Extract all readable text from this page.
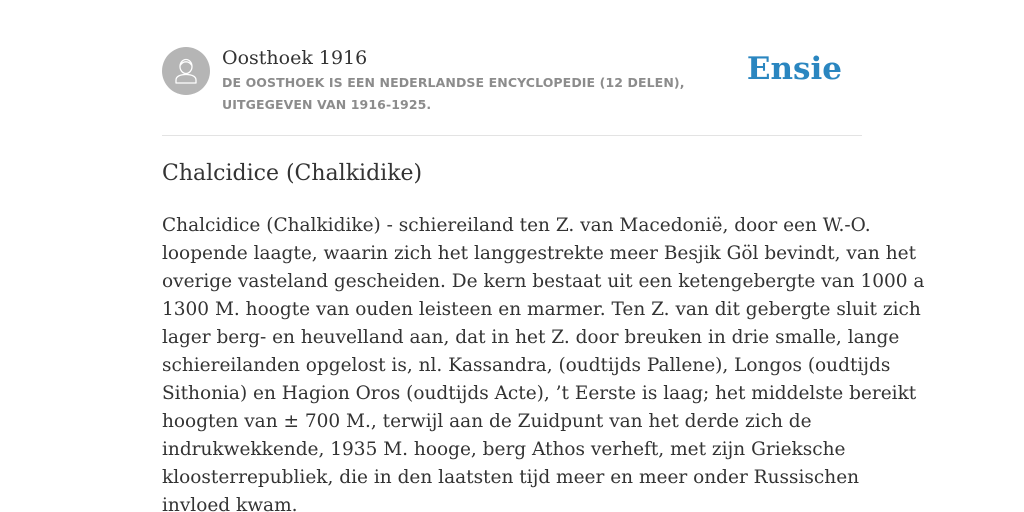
Oosthoek 1916
DE OOSTHOEK IS EEN NEDERLANDSE ENCYCLOPEDIE (12 DELEN), UITGEGEVEN VAN 1916-1925.
Ensie
Chalcidice (Chalkidike)

Chalcidice (Chalkidike) - schiereiland ten Z. van Macedonië, door een W.-O.
loopende laagte, waarin zich het langgestrekte meer Besjik Göl bevindt, van het
overige vasteland gescheiden. De kern bestaat uit een ketengebergte van 1000 a
1300 M. hoogte van ouden leisteen en marmer. Ten Z. van dit gebergte sluit zich
lager berg- en heuvelland aan, dat in het Z. door breuken in drie smalle, lange
schiereilanden opgelost is, nl. Kassandra, (oudtijds Pallene), Longos (oudtijds
Sithonia) en Hagion Oros (oudtijds Acte), ’t Eerste is laag; het middelste bereikt
hoogten van ± 700 M., terwijl aan de Zuidpunt van het derde zich de
indrukwekkende, 1935 M. hooge, berg Athos verheft, met zijn Grieksche
kloosterrepubliek, die in den laatsten tijd meer en meer onder Russischen
invloed kwam.
